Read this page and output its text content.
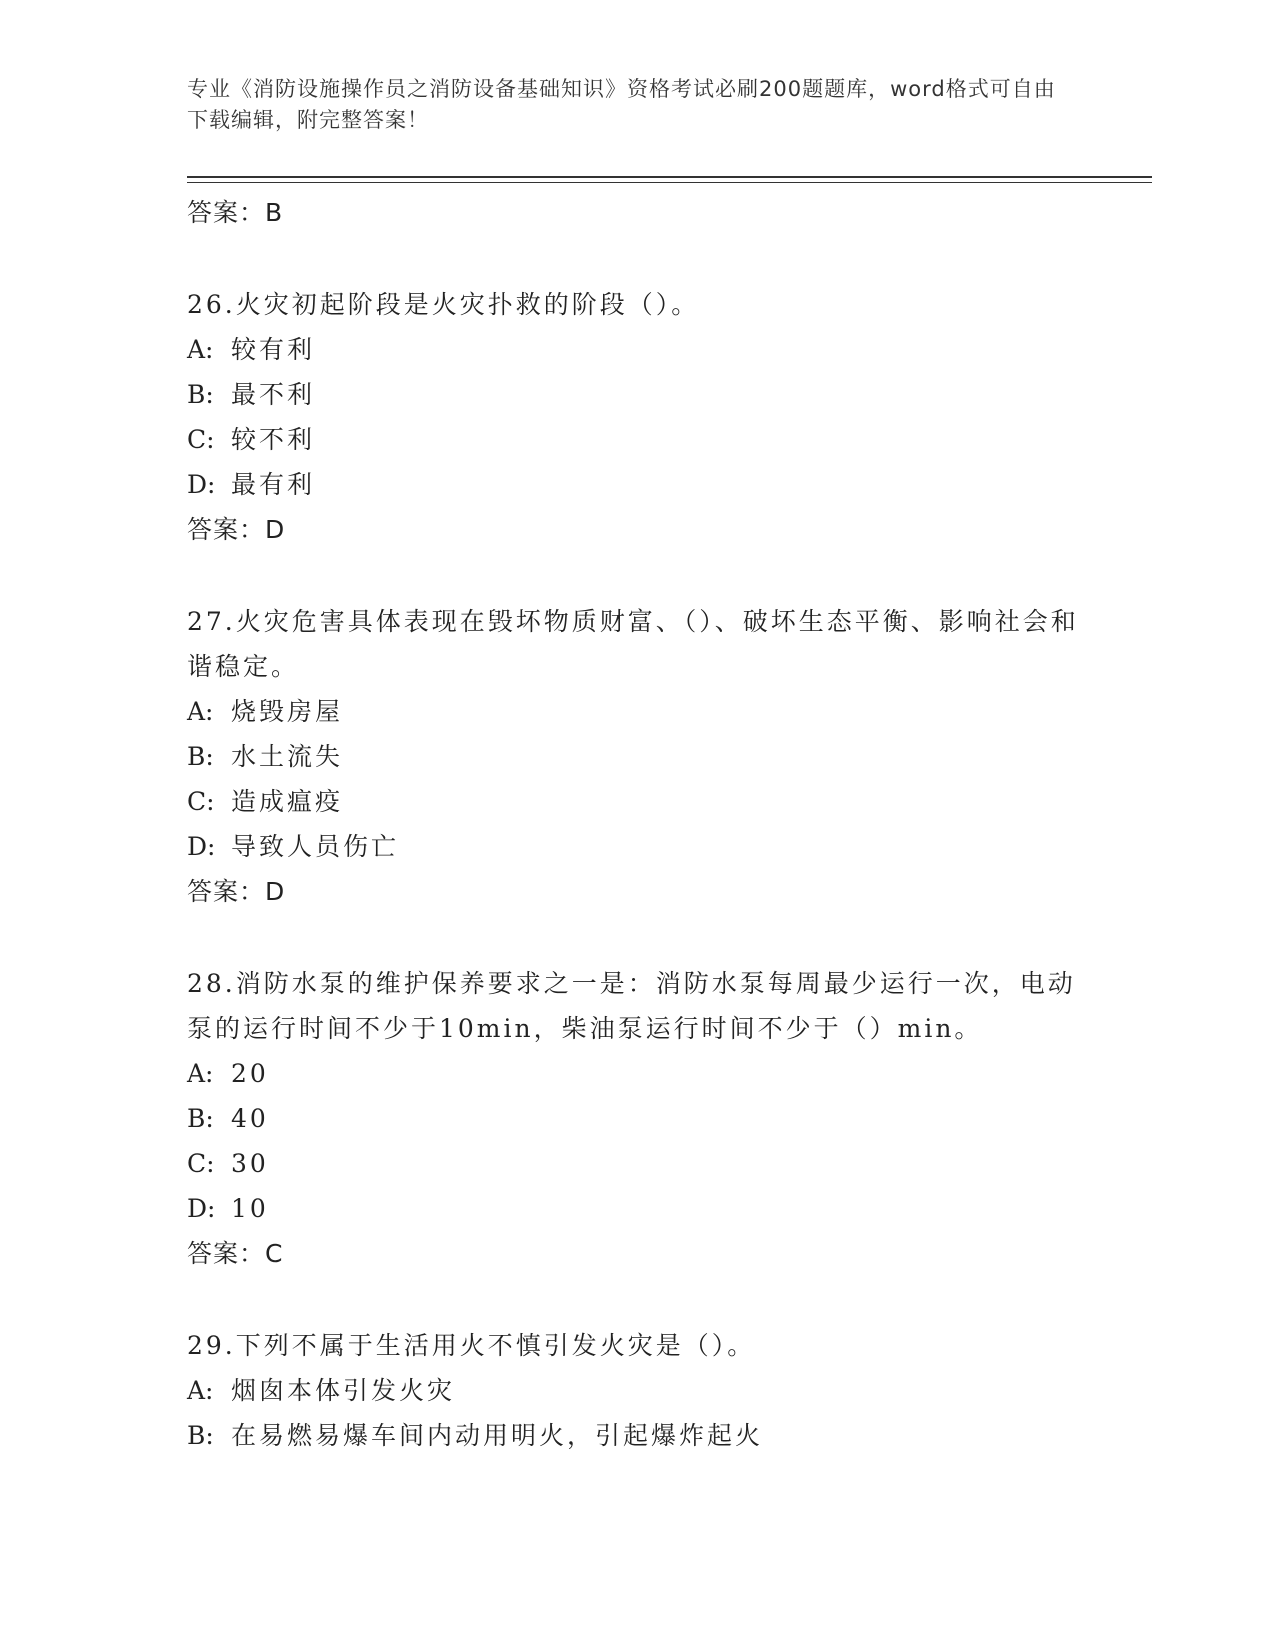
专业《消防设施操作员之消防设备基础知识》资格考试必刷200题题库，word格式可自由下载编辑，附完整答案！
答案：B
26.火灾初起阶段是火灾扑救的阶段（）。
A: 较有利
B: 最不利
C: 较不利
D: 最有利
答案：D
27.火灾危害具体表现在毁坏物质财富、（）、破坏生态平衡、影响社会和谐稳定。
A: 烧毁房屋
B: 水土流失
C: 造成瘟疫
D: 导致人员伤亡
答案：D
28.消防水泵的维护保养要求之一是：消防水泵每周最少运行一次，电动泵的运行时间不少于10min，柴油泵运行时间不少于（）min。
A: 20
B: 40
C: 30
D: 10
答案：C
29.下列不属于生活用火不慎引发火灾是（）。
A: 烟囱本体引发火灾
B: 在易燃易爆车间内动用明火，引起爆炸起火
